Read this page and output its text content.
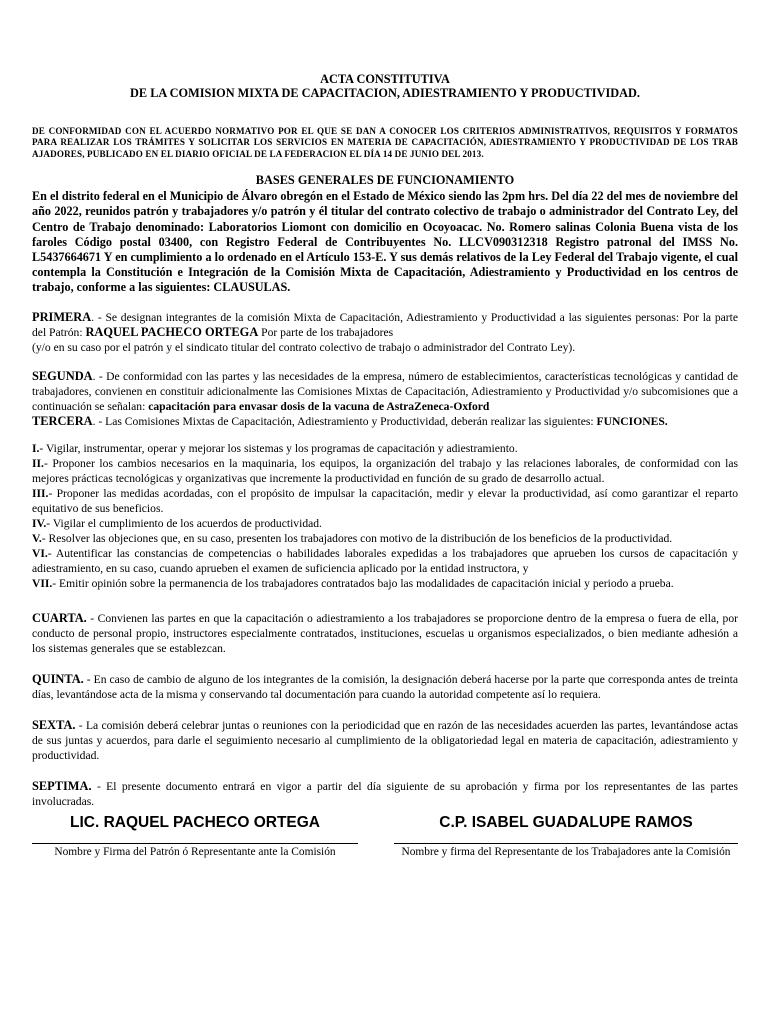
ACTA CONSTITUTIVA

DE LA COMISION MIXTA DE CAPACITACION, ADIESTRAMIENTO Y PRODUCTIVIDAD.

DE CONFORMIDAD CON EL ACUERDO NORMATIVO POR EL QUE SE DAN A CONOCER LOS CRITERIOS ADMINISTRATIVOS, REQUISITOS Y FORMATOS PARA REALIZAR LOS TRÁMITES Y SOLICITAR LOS SERVICIOS EN MATERIA DE CAPACITACIÓN, ADIESTRAMIENTO Y PRODUCTIVIDAD DE LOS TRAB AJADORES, PUBLICADO EN EL DIARIO OFICIAL DE LA FEDERACION EL DÍA 14 DE JUNIO DEL 2013.

BASES GENERALES DE FUNCIONAMIENTO

En el distrito federal en el Municipio de Álvaro obregón en el Estado de México siendo las 2pm hrs. Del día 22 del mes de noviembre del año 2022, reunidos patrón y trabajadores y/o patrón y él titular del contrato colectivo de trabajo o administrador del Contrato Ley, del Centro de Trabajo denominado: Laboratorios Liomont con domicilio en Ocoyoacac. No. Romero salinas Colonia Buena vista de los faroles Código postal 03400, con Registro Federal de Contribuyentes No. LLCV090312318 Registro patronal del IMSS No. L5437664671 Y en cumplimiento a lo ordenado en el Artículo 153-E. Y sus demás relativos de la Ley Federal del Trabajo vigente, el cual contempla la Constitución e Integración de la Comisión Mixta de Capacitación, Adiestramiento y Productividad en los centros de trabajo, conforme a las siguientes: CLAUSULAS.

PRIMERA. - Se designan integrantes de la comisión Mixta de Capacitación, Adiestramiento y Productividad a las siguientes personas: Por la parte del Patrón: RAQUEL PACHECO ORTEGA Por parte de los trabajadores
(y/o en su caso por el patrón y el sindicato titular del contrato colectivo de trabajo o administrador del Contrato Ley).

SEGUNDA. - De conformidad con las partes y las necesidades de la empresa, número de establecimientos, características tecnológicas y cantidad de trabajadores, convienen en constituir adicionalmente las Comisiones Mixtas de Capacitación, Adiestramiento y Productividad y/o subcomisiones que a continuación se señalan: capacitación para envasar dosis de la vacuna de AstraZeneca-Oxford

TERCERA. - Las Comisiones Mixtas de Capacitación, Adiestramiento y Productividad, deberán realizar las siguientes: FUNCIONES.

I.- Vigilar, instrumentar, operar y mejorar los sistemas y los programas de capacitación y adiestramiento.

II.- Proponer los cambios necesarios en la maquinaria, los equipos, la organización del trabajo y las relaciones laborales, de conformidad con las mejores prácticas tecnológicas y organizativas que incremente la productividad en función de su grado de desarrollo actual.

III.- Proponer las medidas acordadas, con el propósito de impulsar la capacitación, medir y elevar la productividad, así como garantizar el reparto equitativo de sus beneficios.

IV.- Vigilar el cumplimiento de los acuerdos de productividad.

V.- Resolver las objeciones que, en su caso, presenten los trabajadores con motivo de la distribución de los beneficios de la productividad.

VI.- Autentificar las constancias de competencias o habilidades laborales expedidas a los trabajadores que aprueben los cursos de capacitación y adiestramiento, en su caso, cuando aprueben el examen de suficiencia aplicado por la entidad instructora, y

VII.- Emitir opinión sobre la permanencia de los trabajadores contratados bajo las modalidades de capacitación inicial y periodo a prueba.

CUARTA. - Convienen las partes en que la capacitación o adiestramiento a los trabajadores se proporcione dentro de la empresa o fuera de ella, por conducto de personal propio, instructores especialmente contratados, instituciones, escuelas u organismos especializados, o bien mediante adhesión a los sistemas generales que se establezcan.

QUINTA. - En caso de cambio de alguno de los integrantes de la comisión, la designación deberá hacerse por la parte que corresponda antes de treinta días, levantándose acta de la misma y conservando tal documentación para cuando la autoridad competente así lo requiera.

SEXTA. - La comisión deberá celebrar juntas o reuniones con la periodicidad que en razón de las necesidades acuerden las partes, levantándose actas de sus juntas y acuerdos, para darle el seguimiento necesario al cumplimiento de la obligatoriedad legal en materia de capacitación, adiestramiento y productividad.

SEPTIMA. - El presente documento entrará en vigor a partir del día siguiente de su aprobación y firma por los representantes de las partes involucradas.

LIC. RAQUEL PACHECO ORTEGA
Nombre y Firma del Patrón ó Representante ante la Comisión
C.P. ISABEL GUADALUPE RAMOS
Nombre y firma del Representante de los Trabajadores ante la Comisión
